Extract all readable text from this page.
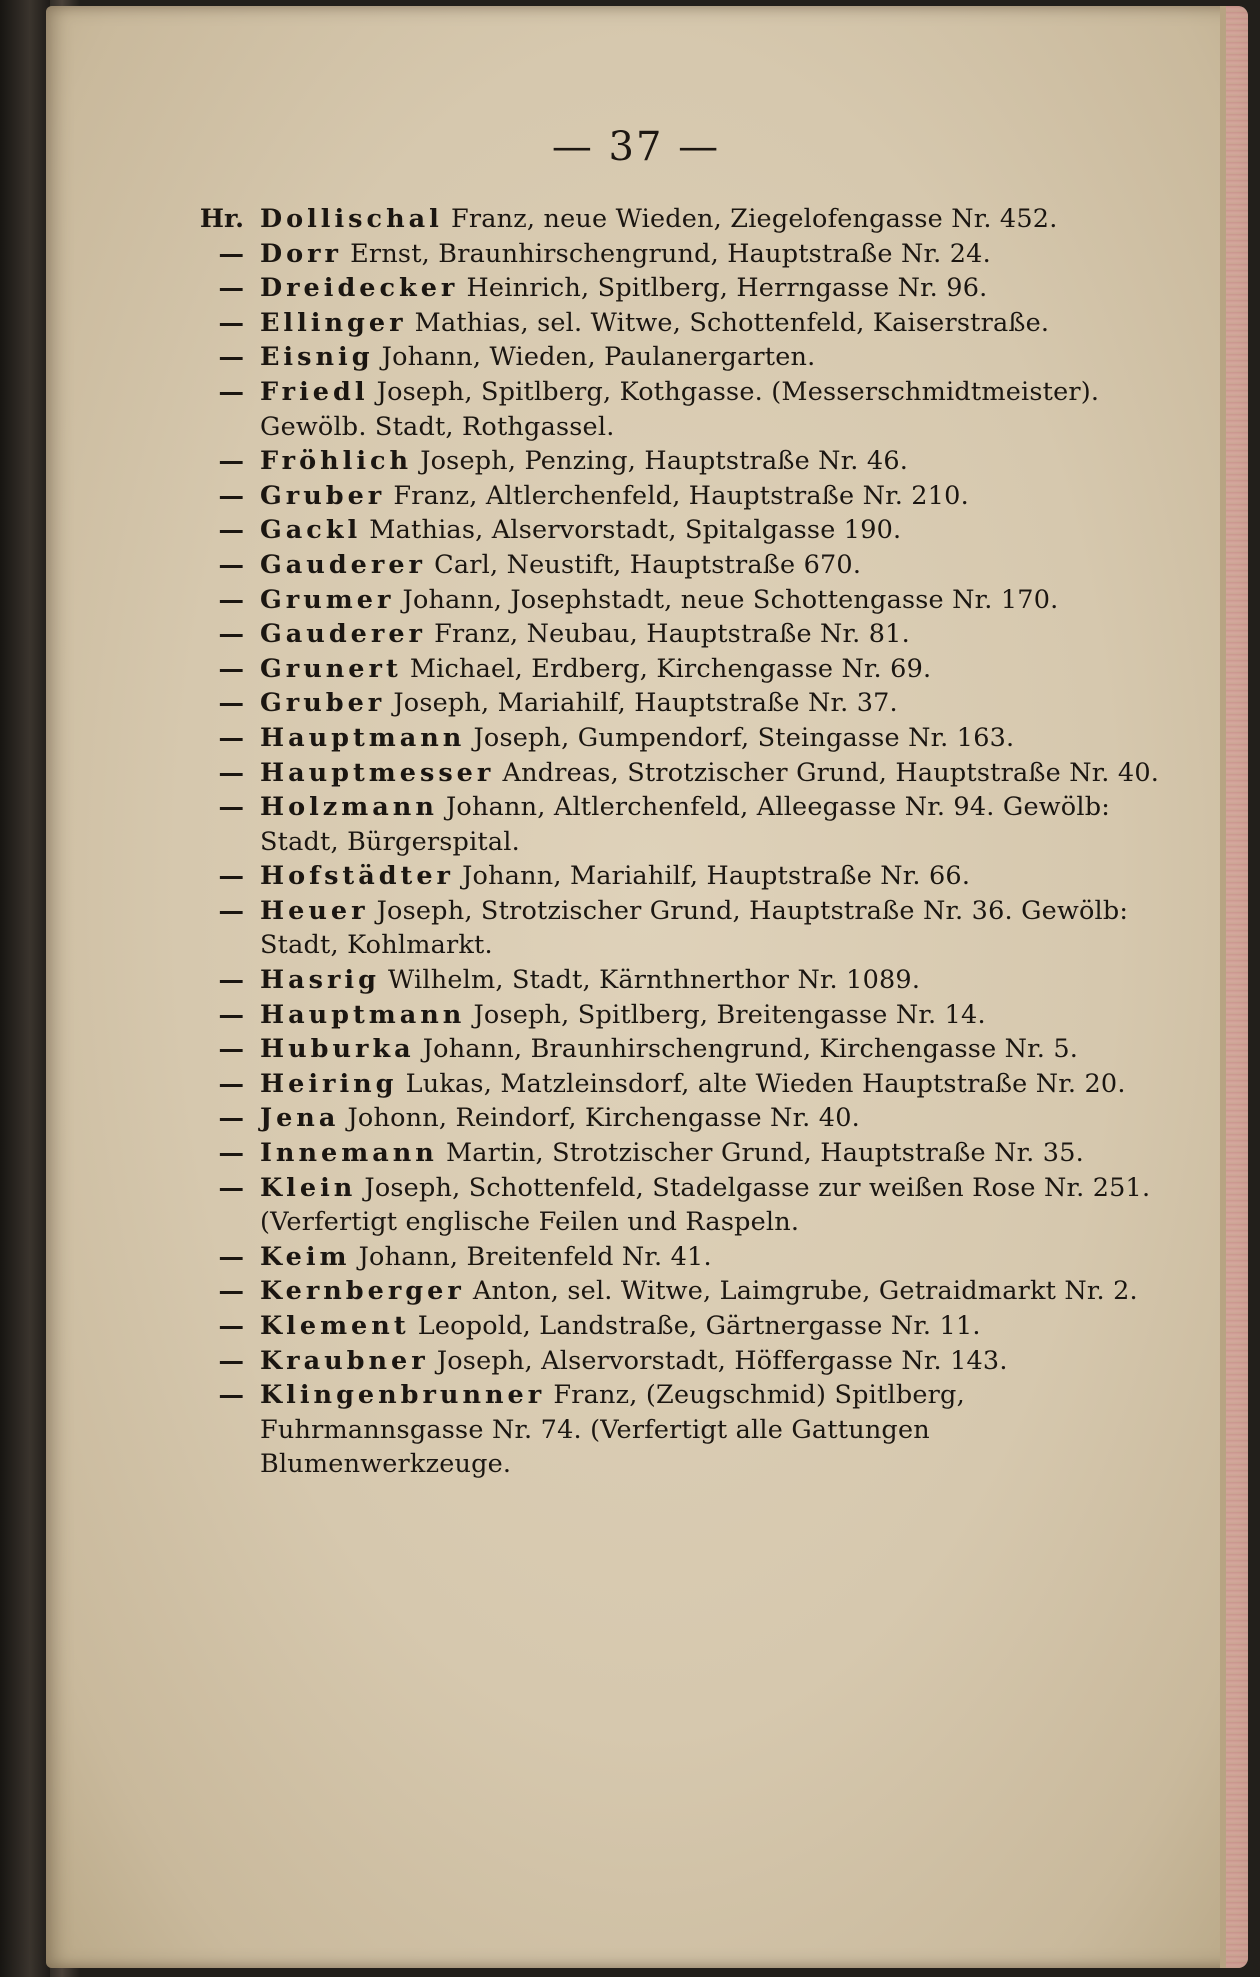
— 37 —

Hr. Dollischal Franz, neue Wieden, Ziegelofengasse Nr. 452.

— Dorr Ernst, Braunhirschengrund, Hauptstraße Nr. 24.

— Dreidecker Heinrich, Spitlberg, Herrngasse Nr. 96.

— Ellinger Mathias, sel. Witwe, Schottenfeld, Kaiserstraße.

— Eisnig Johann, Wieden, Paulanergarten.

— Friedl Joseph, Spitlberg, Kothgasse. (Messerschmidtmeister). Gewölb. Stadt, Rothgassel.

— Fröhlich Joseph, Penzing, Hauptstraße Nr. 46.

— Gruber Franz, Altlerchenfeld, Hauptstraße Nr. 210.

— Gackl Mathias, Alservorstadt, Spitalgasse 190.

— Gauderer Carl, Neustift, Hauptstraße 670.

— Grumer Johann, Josephstadt, neue Schottengasse Nr. 170.

— Gauderer Franz, Neubau, Hauptstraße Nr. 81.

— Grunert Michael, Erdberg, Kirchengasse Nr. 69.

— Gruber Joseph, Mariahilf, Hauptstraße Nr. 37.

— Hauptmann Joseph, Gumpendorf, Steingasse Nr. 163.

— Hauptmesser Andreas, Strotzischer Grund, Hauptstraße Nr. 40.

— Holzmann Johann, Altlerchenfeld, Alleegasse Nr. 94. Gewölb: Stadt, Bürgerspital.

— Hofstädter Johann, Mariahilf, Hauptstraße Nr. 66.

— Heuer Joseph, Strotzischer Grund, Hauptstraße Nr. 36. Gewölb: Stadt, Kohlmarkt.

— Hasrig Wilhelm, Stadt, Kärnthnerthor Nr. 1089.

— Hauptmann Joseph, Spitlberg, Breitengasse Nr. 14.

— Huburka Johann, Braunhirschengrund, Kirchengasse Nr. 5.

— Heiring Lukas, Matzleinsdorf, alte Wieden Hauptstraße Nr. 20.

— Jena Johonn, Reindorf, Kirchengasse Nr. 40.

— Innemann Martin, Strotzischer Grund, Hauptstraße Nr. 35.

— Klein Joseph, Schottenfeld, Stadelgasse zur weißen Rose Nr. 251. (Verfertigt englische Feilen und Raspeln.

— Keim Johann, Breitenfeld Nr. 41.

— Kernberger Anton, sel. Witwe, Laimgrube, Getraidmarkt Nr. 2.

— Klement Leopold, Landstraße, Gärtnergasse Nr. 11.

— Kraubner Joseph, Alservorstadt, Höffergasse Nr. 143.

— Klingenbrunner Franz, (Zeugschmid) Spitlberg, Fuhrmannsgasse Nr. 74. (Verfertigt alle Gattungen Blumenwerkzeuge.
